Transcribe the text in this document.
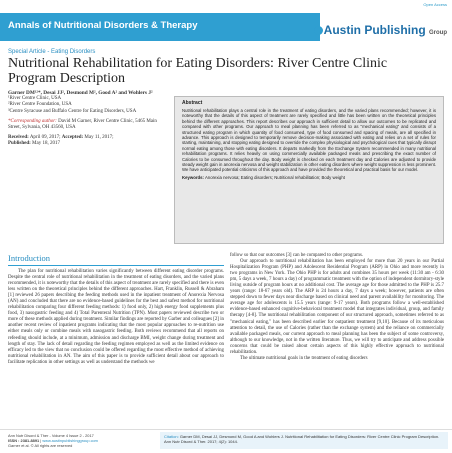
Open Access
Annals of Nutritional Disorders & Therapy	Austin Publishing Group
Special Article - Eating Disorders
Nutritional Rehabilitation for Eating Disorders: River Centre Clinic Program Description
Garner DM¹²*, Desai JJ², Desmond M², Good A² and Wohlers J²
¹River Centre Clinic, USA
²River Centre Foundation, USA
³Centre Syracuse and Buffalo Centre for Eating Disorders, USA
*Corresponding author: David M Garner, River Centre Clinic, 5465 Main Street, Sylvania, OH 43560, USA
Received: April 09, 2017; Accepted: May 11, 2017;
Published: May 18, 2017
Abstract

Nutritional rehabilitation plays a central role in the treatment of eating disorders, and the varied plans recommended; however, it is noteworthy that the details of this aspect of treatment are rarely specified and little has been written on the theoretical principles behind the different approaches. This report describes our approach in sufficient detail to allow our outcomes to be replicated and compared with other programs. Our approach to meal planning has been referred to as "mechanical eating" and consists of a structured eating program in which quantity of food consumed, type of food consumed and spacing of meals, are all specified in advance. This approach is designed to temporarily remove decision-making associated with eating and relies on a set of rules for starting, maintaining, and stopping eating designed to override the complex physiological and psychological cues that typically disrupt normal eating among those with eating disorders. It departs markedly from the Exchange System recommended in many nutritional rehabilitation programs. It relies heavily on using commercially available packaged meals and prescribing the exact number of Calories to be consumed throughout the day. Body weight is checked on each treatment day and Calories are adjusted to provide steady weight gain in anorexia nervosa and weight stabilization in other eating disorders where weight suppression is less prominent. We have anticipated potential criticisms of this approach and have provided the theoretical and practical basis for our model.

Keywords: Anorexia nervosa; Eating disorders; Nutritional rehabilitation; Body weight
Introduction

The plan for nutritional rehabilitation varies significantly between different eating disorder programs. Despite the central role of nutritional rehabilitation in the treatment of eating disorders, and the varied plans recommended, it is noteworthy that the details of this aspect of treatment are rarely specified and there is even less written on the theoretical principles behind the different approaches. Hart, Franklin, Russell & Abraham [1] reviewed 26 papers describing the feeding methods used in the inpatient treatment of Anorexia Nervosa (AN) and concluded that there are no evidence-based guidelines for the best and safest method for nutritional rehabilitation comparing four different feeding methods: 1) food only, 2) high energy food supplements plus food, 3) nasogastric feeding and 4) Total Parenteral Nutrition (TPN). Most papers reviewed describe two or more of these methods applied during treatment. Similar findings are reported by Garber and colleagues [2] in another recent review of inpatient programs indicating that the most popular approaches to re-nutrition use either meals only or combine meals with nasogastric feeding. Both reviews recommend that all reports on refeeding should include, at a minimum, admission and discharge BMI, weight change during treatment and length of stay. The lack of detail regarding the feeding regimen employed as well as the limited evidence on efficacy led to the view that no conclusion could be offered regarding the most effective method of achieving nutritional rehabilitation in AN. The aim of this paper is to provide sufficient detail about our approach to facilitate replication in other settings as well as understand the methods we

follow so that our outcomes [3] can be compared to other programs.

Our approach to nutritional rehabilitation has been employed for more than 20 years in our Partial Hospitalization Program (PHP) and Adolescent Residential Program (ARP) in Ohio and more recently in two programs in New York. The Ohio PHP is for adults and combines 35 hours per week (11:30 am - 6:30 pm, 5 days a week, 7 hours a day) of programmatic treatment with the option of independent dormitory-style living outside of program hours at no additional cost. The average age for those admitted to the PHP is 25.7 years (range: 18-67 years old). The ARP is 24 hours a day, 7 days a week; however, patients are often stepped down to fewer days near discharge based on clinical need and parent availability for monitoring. The average age for adolescents is 15.5 years (range: 9-17 years). Both programs follow a well-established evidence-based enhanced cognitive-behavioral treatment model that integrates individual, group, and family therapy [4-8]. The nutritional rehabilitation component of our structured approach, sometimes referred to as "mechanical eating," has been described earlier for outpatient treatment [9,10]. Because of its meticulous attention to detail, the use of Calories (rather than the exchange system) and the reliance on commercially available packaged meals, our current approach to meal planning has been the subject of some controversy, although to our knowledge, not in the written literature. Thus, we will try to anticipate and address possible concerns that could be raised about certain aspects of this highly effective approach to nutritional rehabilitation.

The ultimate nutritional goals in the treatment of eating disorders

Ann Nutr Disord & Ther - Volume 4 Issue 2 - 2017
ISSN : 2381-8891 | www.austinpublishinggroup.com
Garner et al. © All rights are reserved
Citation: Garner DM, Desai JJ, Desmond M, Good A and Wohlers J. Nutritional Rehabilitation for Eating Disorders: River Centre Clinic Program Description. Ann Nutr Disord & Ther. 2017; 4(2): 1044.
